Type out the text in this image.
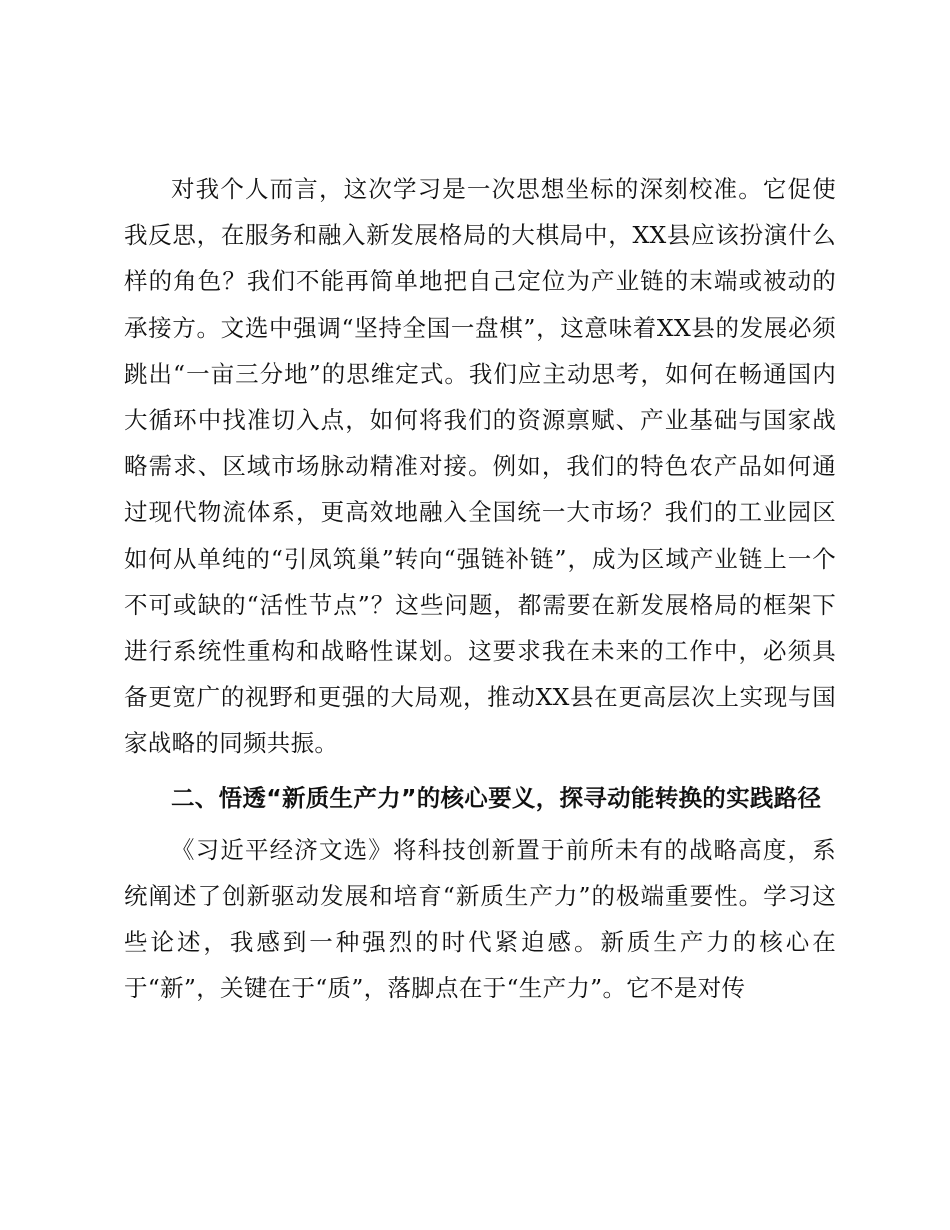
对我个人而言，这次学习是一次思想坐标的深刻校准。它促使我反思，在服务和融入新发展格局的大棋局中，XX县应该扮演什么样的角色？我们不能再简单地把自己定位为产业链的末端或被动的承接方。文选中强调“坚持全国一盘棋”，这意味着XX县的发展必须跳出“一亩三分地”的思维定式。我们应主动思考，如何在畅通国内大循环中找准切入点，如何将我们的资源禀赋、产业基础与国家战略需求、区域市场脉动精准对接。例如，我们的特色农产品如何通过现代物流体系，更高效地融入全国统一大市场？我们的工业园区如何从单纯的“引凤筑巢”转向“强链补链”，成为区域产业链上一个不可或缺的“活性节点”？这些问题，都需要在新发展格局的框架下进行系统性重构和战略性谋划。这要求我在未来的工作中，必须具备更宽广的视野和更强的大局观，推动XX县在更高层次上实现与国家战略的同频共振。

二、悟透“新质生产力”的核心要义，探寻动能转换的实践路径

《习近平经济文选》将科技创新置于前所未有的战略高度，系统阐述了创新驱动发展和培育“新质生产力”的极端重要性。学习这些论述，我感到一种强烈的时代紧迫感。新质生产力的核心在于“新”，关键在于“质”，落脚点在于“生产力”。它不是对传
